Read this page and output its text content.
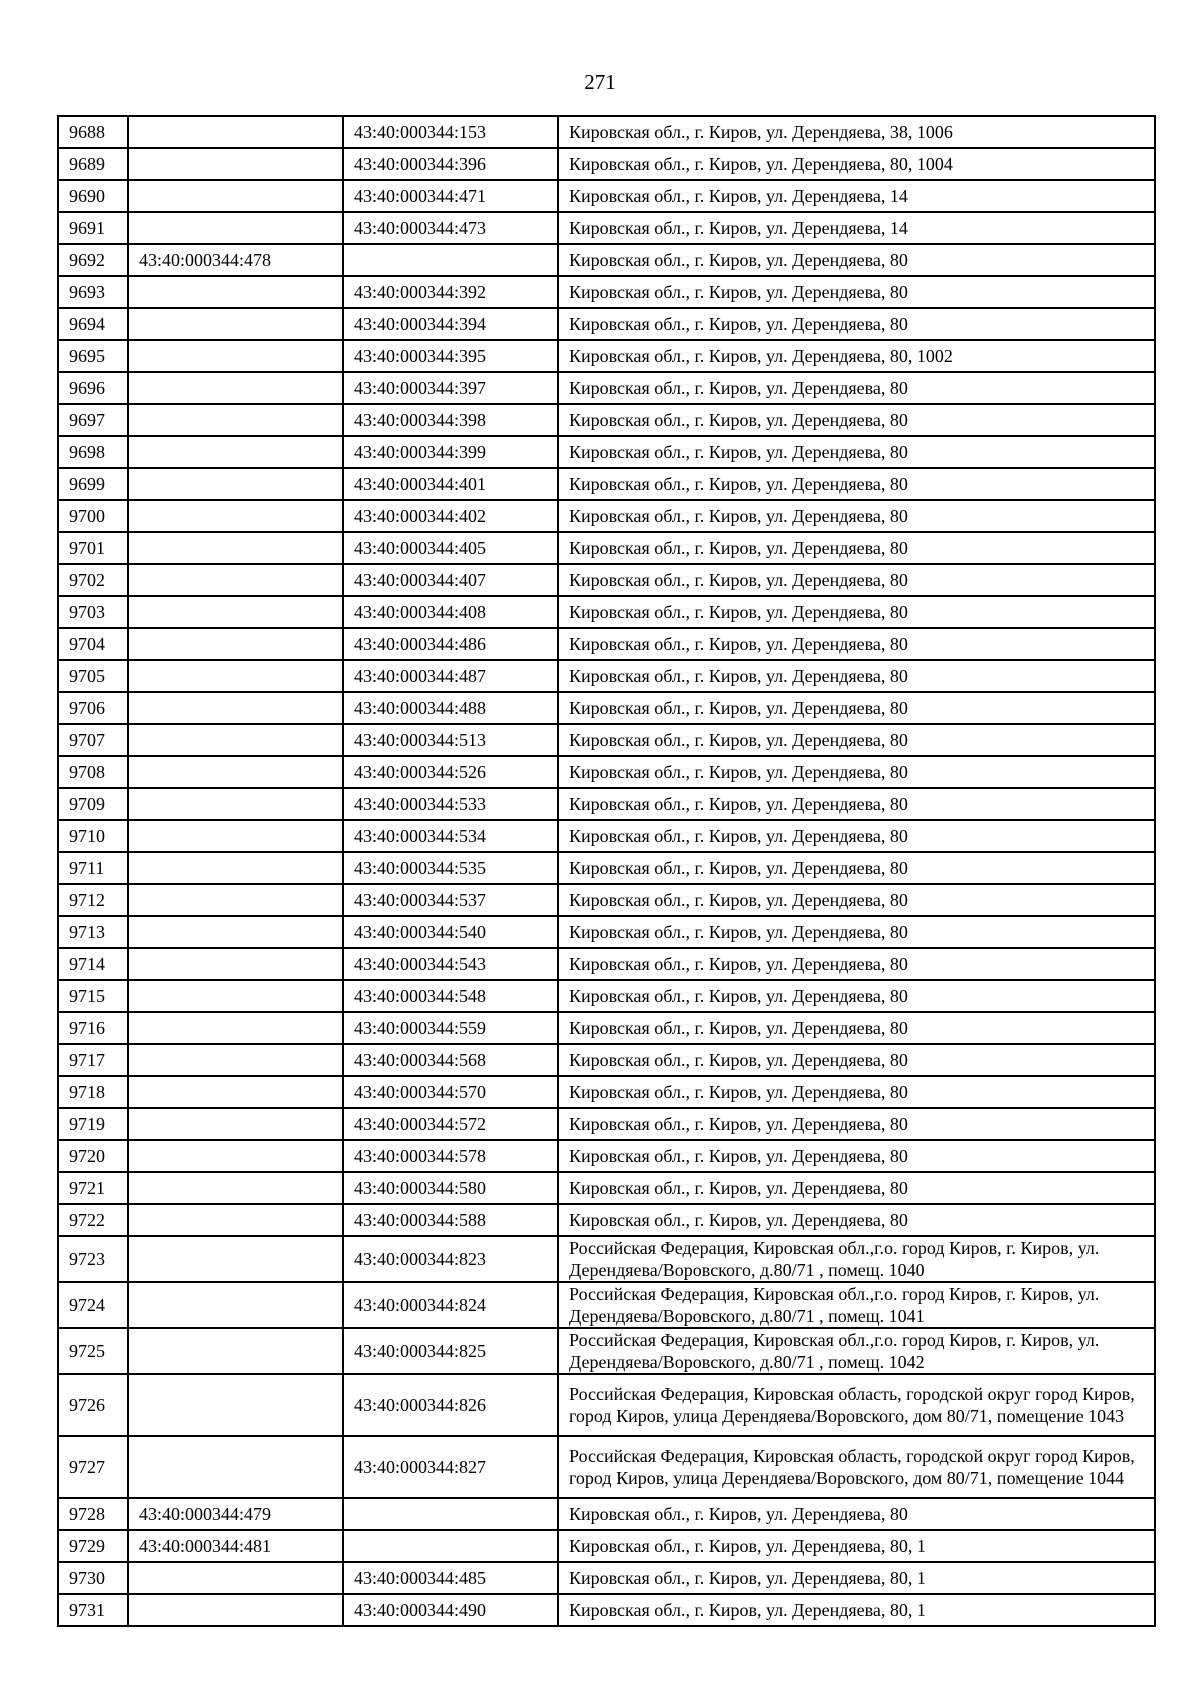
271
9688		43:40:000344:153	Кировская обл., г. Киров, ул. Дерендяева, 38, 1006
9689		43:40:000344:396	Кировская обл., г. Киров, ул. Дерендяева, 80, 1004
9690		43:40:000344:471	Кировская обл., г. Киров, ул. Дерендяева, 14
9691		43:40:000344:473	Кировская обл., г. Киров, ул. Дерендяева, 14
9692	43:40:000344:478		Кировская обл., г. Киров, ул. Дерендяева, 80
9693		43:40:000344:392	Кировская обл., г. Киров, ул. Дерендяева, 80
9694		43:40:000344:394	Кировская обл., г. Киров, ул. Дерендяева, 80
9695		43:40:000344:395	Кировская обл., г. Киров, ул. Дерендяева, 80, 1002
9696		43:40:000344:397	Кировская обл., г. Киров, ул. Дерендяева, 80
9697		43:40:000344:398	Кировская обл., г. Киров, ул. Дерендяева, 80
9698		43:40:000344:399	Кировская обл., г. Киров, ул. Дерендяева, 80
9699		43:40:000344:401	Кировская обл., г. Киров, ул. Дерендяева, 80
9700		43:40:000344:402	Кировская обл., г. Киров, ул. Дерендяева, 80
9701		43:40:000344:405	Кировская обл., г. Киров, ул. Дерендяева, 80
9702		43:40:000344:407	Кировская обл., г. Киров, ул. Дерендяева, 80
9703		43:40:000344:408	Кировская обл., г. Киров, ул. Дерендяева, 80
9704		43:40:000344:486	Кировская обл., г. Киров, ул. Дерендяева, 80
9705		43:40:000344:487	Кировская обл., г. Киров, ул. Дерендяева, 80
9706		43:40:000344:488	Кировская обл., г. Киров, ул. Дерендяева, 80
9707		43:40:000344:513	Кировская обл., г. Киров, ул. Дерендяева, 80
9708		43:40:000344:526	Кировская обл., г. Киров, ул. Дерендяева, 80
9709		43:40:000344:533	Кировская обл., г. Киров, ул. Дерендяева, 80
9710		43:40:000344:534	Кировская обл., г. Киров, ул. Дерендяева, 80
9711		43:40:000344:535	Кировская обл., г. Киров, ул. Дерендяева, 80
9712		43:40:000344:537	Кировская обл., г. Киров, ул. Дерендяева, 80
9713		43:40:000344:540	Кировская обл., г. Киров, ул. Дерендяева, 80
9714		43:40:000344:543	Кировская обл., г. Киров, ул. Дерендяева, 80
9715		43:40:000344:548	Кировская обл., г. Киров, ул. Дерендяева, 80
9716		43:40:000344:559	Кировская обл., г. Киров, ул. Дерендяева, 80
9717		43:40:000344:568	Кировская обл., г. Киров, ул. Дерендяева, 80
9718		43:40:000344:570	Кировская обл., г. Киров, ул. Дерендяева, 80
9719		43:40:000344:572	Кировская обл., г. Киров, ул. Дерендяева, 80
9720		43:40:000344:578	Кировская обл., г. Киров, ул. Дерендяева, 80
9721		43:40:000344:580	Кировская обл., г. Киров, ул. Дерендяева, 80
9722		43:40:000344:588	Кировская обл., г. Киров, ул. Дерендяева, 80
9723		43:40:000344:823	Российская Федерация, Кировская обл.,г.о. город Киров, г. Киров, ул. Дерендяева/Воровского, д.80/71 , помещ. 1040
9724		43:40:000344:824	Российская Федерация, Кировская обл.,г.о. город Киров, г. Киров, ул. Дерендяева/Воровского, д.80/71 , помещ. 1041
9725		43:40:000344:825	Российская Федерация, Кировская обл.,г.о. город Киров, г. Киров, ул. Дерендяева/Воровского, д.80/71 , помещ. 1042
9726		43:40:000344:826	Российская Федерация, Кировская область, городской округ город Киров, город Киров, улица Дерендяева/Воровского, дом 80/71, помещение 1043
9727		43:40:000344:827	Российская Федерация, Кировская область, городской округ город Киров, город Киров, улица Дерендяева/Воровского, дом 80/71, помещение 1044
9728	43:40:000344:479		Кировская обл., г. Киров, ул. Дерендяева, 80
9729	43:40:000344:481		Кировская обл., г. Киров, ул. Дерендяева, 80, 1
9730		43:40:000344:485	Кировская обл., г. Киров, ул. Дерендяева, 80, 1
9731		43:40:000344:490	Кировская обл., г. Киров, ул. Дерендяева, 80, 1
